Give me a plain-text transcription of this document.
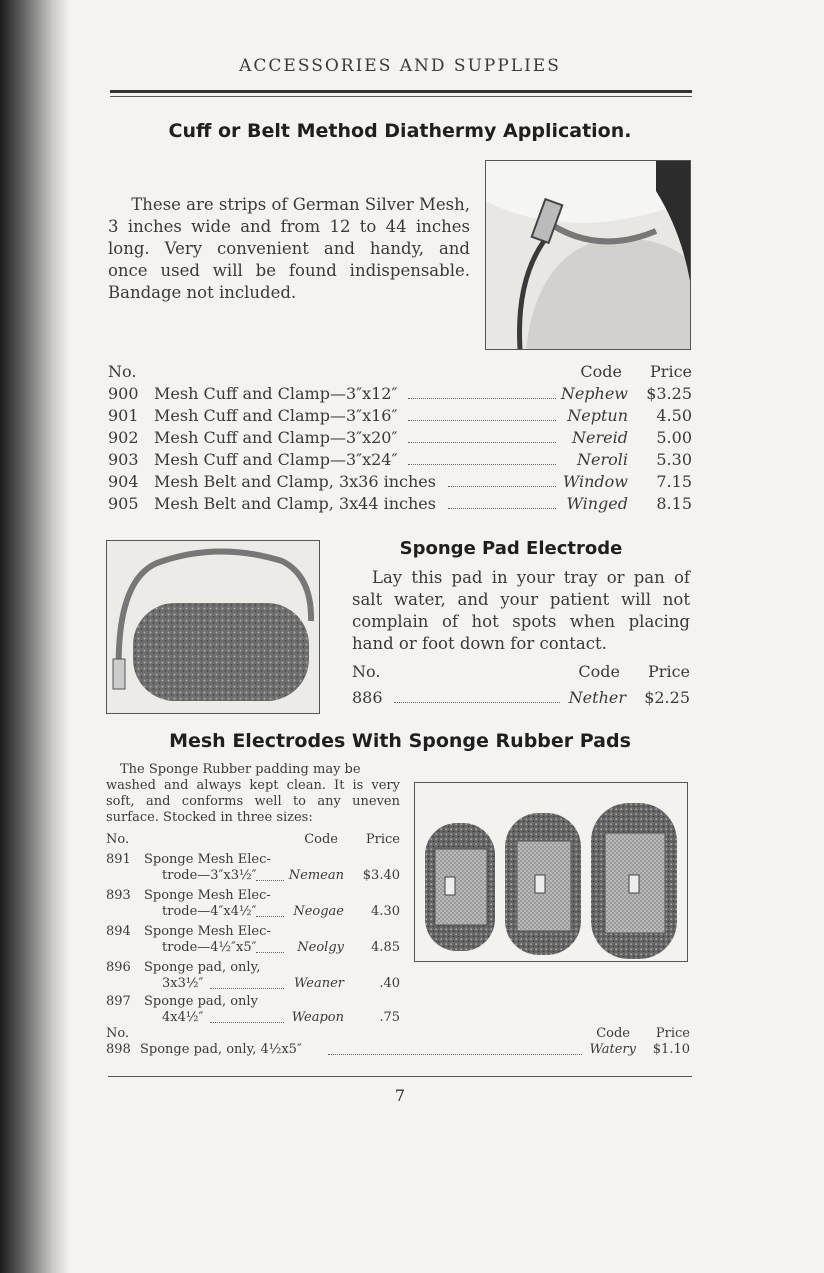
ACCESSORIES AND SUPPLIES
Cuff or Belt Method Diathermy Application.
These are strips of German Silver Mesh,
3 inches wide and from 12 to 44 inches
long. Very convenient and handy, and
once used will be found indispensable.
Bandage not included.
No.	Code	Price
900 Mesh Cuff and Clamp—3″x12″	Nephew	$3.25
901 Mesh Cuff and Clamp—3″x16″	Neptun	4.50
902 Mesh Cuff and Clamp—3″x20″	Nereid	5.00
903 Mesh Cuff and Clamp—3″x24″	Neroli	5.30
904 Mesh Belt and Clamp, 3x36 inches	Window	7.15
905 Mesh Belt and Clamp, 3x44 inches	Winged	8.15
Sponge Pad Electrode
Lay this pad in your tray or pan of
salt water, and your patient will not
complain of hot spots when placing
hand or foot down for contact.
No.	Code Price
886	Nether $2.25
Mesh Electrodes With Sponge Rubber Pads
The Sponge Rubber padding may be
washed and always kept clean. It is very
soft, and conforms well to any uneven
surface. Stocked in three sizes:
No.	Code	Price
891 Sponge Mesh Elec-
trode—3″x3½″ Nemean	$3.40
893 Sponge Mesh Elec-
trode—4″x4½″	Neogae	4.30
894 Sponge Mesh Elec-
trode—4½″x5″	Neolgy	4.85
896 Sponge pad, only,
3x3½″	Weaner	.40
897 Sponge pad, only
4x4½″	Weapon	.75
No.	Code Price
898 Sponge pad, only, 4½x5″	Watery $1.10
7
